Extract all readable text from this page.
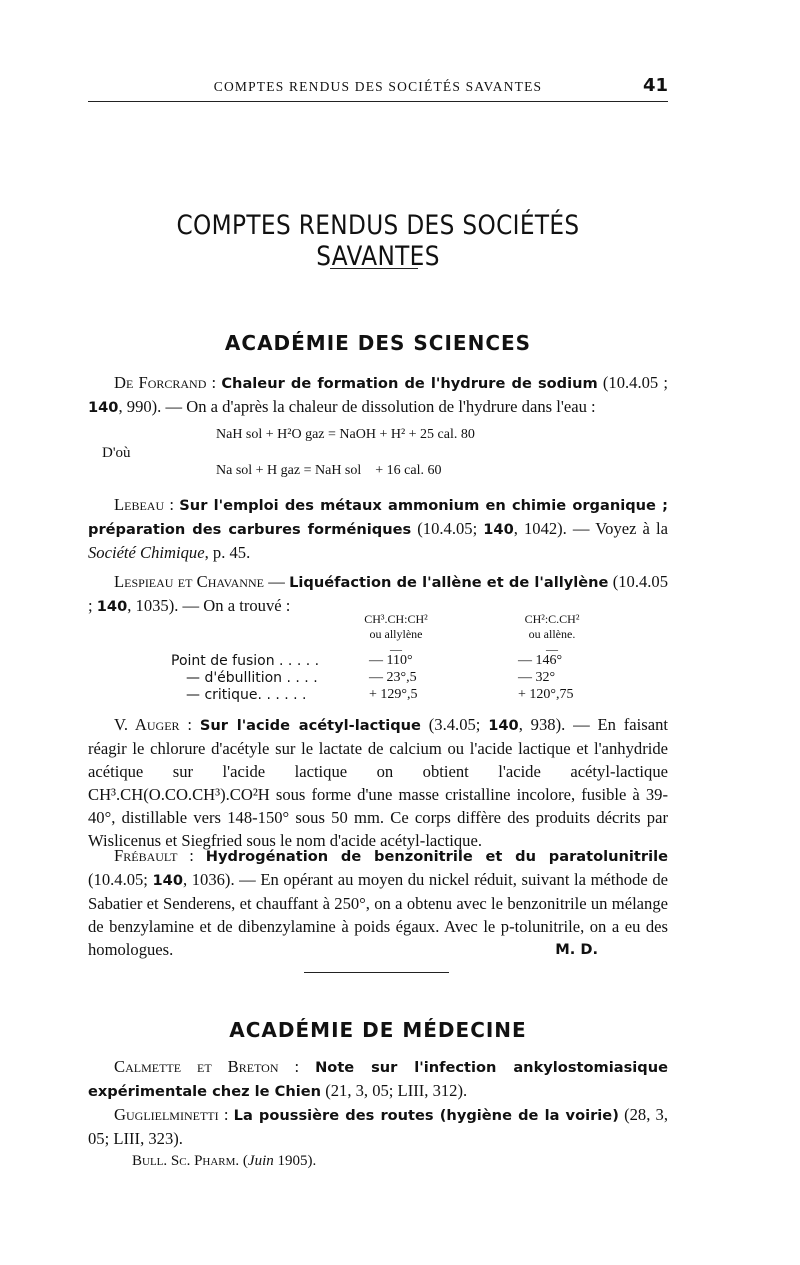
COMPTES RENDUS DES SOCIÉTÉS SAVANTES	41
COMPTES RENDUS DES SOCIÉTÉS SAVANTES
ACADÉMIE DES SCIENCES
De Forcrand : Chaleur de formation de l'hydrure de sodium (10.4.05 ; 140, 990). — On a d'après la chaleur de dissolution de l'hydrure dans l'eau :
NaH sol + H²O gaz = NaOH + H² + 25 cal. 80
D'où
Na sol + H gaz = NaH sol    + 16 cal. 60
Lebeau : Sur l'emploi des métaux ammonium en chimie organique ; préparation des carbures forméniques (10.4.05; 140, 1042). — Voyez à la Société Chimique, p. 45.
Lespieau et Chavanne — Liquéfaction de l'allène et de l'allylène (10.4.05 ; 140, 1035). — On a trouvé :
CH³.CH:CH²
ou allylène
—
CH²:C.CH²
ou allène.
—
Point de fusion . . . . .	— 110°	— 146°
— d'ébullition . . . .	— 23°,5	— 32°
— critique. . . . . .	+ 129°,5	+ 120°,75
V. Auger : Sur l'acide acétyl-lactique (3.4.05; 140, 938). — En faisant réagir le chlorure d'acétyle sur le lactate de calcium ou l'acide lactique et l'anhydride acétique sur l'acide lactique on obtient l'acide acétyl-lactique CH³.CH(O.CO.CH³).CO²H sous forme d'une masse cristalline incolore, fusible à 39-40°, distillable vers 148-150° sous 50 mm. Ce corps diffère des produits décrits par Wislicenus et Siegfried sous le nom d'acide acétyl-lactique.
Frébault : Hydrogénation de benzonitrile et du paratolunitrile (10.4.05; 140, 1036). — En opérant au moyen du nickel réduit, suivant la méthode de Sabatier et Senderens, et chauffant à 250°, on a obtenu avec le benzonitrile un mélange de benzylamine et de dibenzylamine à poids égaux. Avec le p-tolunitrile, on a eu des homologues.	M. D.
ACADÉMIE DE MÉDECINE
Calmette et Breton : Note sur l'infection ankylostomiasique expérimentale chez le Chien (21, 3, 05; LIII, 312).
Guglielminetti : La poussière des routes (hygiène de la voirie) (28, 3, 05; LIII, 323).
Bull. Sc. Pharm. (Juin 1905).
